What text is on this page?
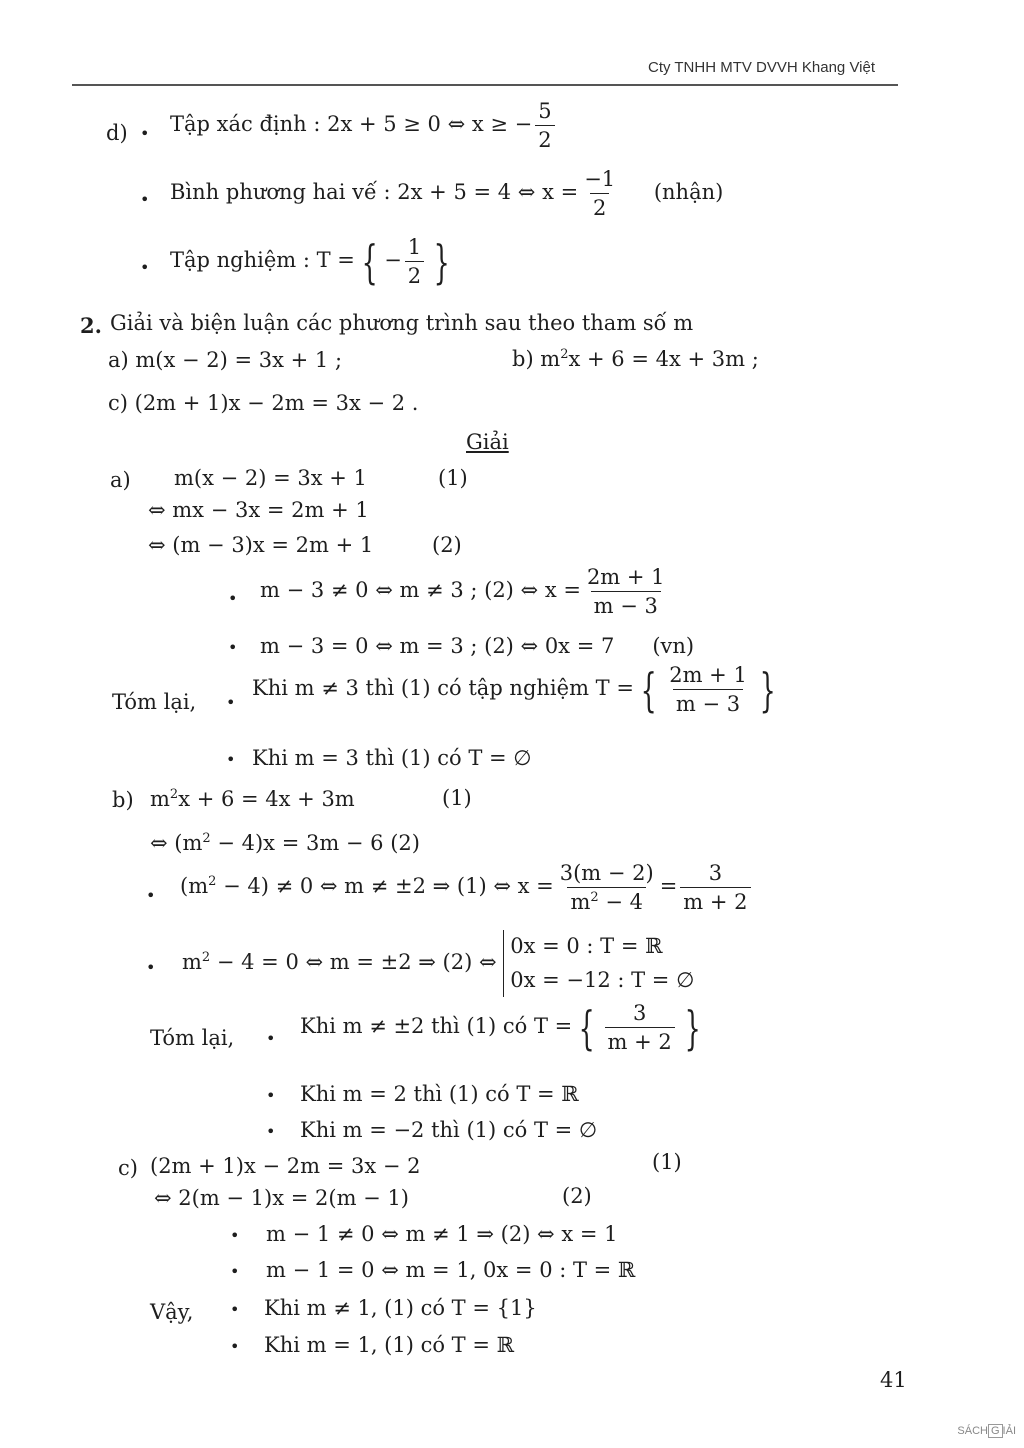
Cty TNHH MTV DVVH Khang Việt
d) • Tập xác định : 2x + 5 ≥ 0 ⇔ x ≥ − $\frac{5}{2}$
• Bình phương hai vế : 2x + 5 = 4 ⇔ $x = \frac{-1}{2}$ (nhận)
• Tập nghiệm : T = { − $\frac{1}{2}$ }
2. Giải và biện luận các phương trình sau theo tham số m
a) m(x − 2) = 3x + 1 ;	b) $m^2x + 6 = 4x + 3m$ ;
c) (2m + 1)x − 2m = 3x − 2 .
Giải
a) m(x − 2) = 3x + 1	(1)
⇔ mx − 3x = 2m + 1
⇔ (m − 3)x = 2m + 1	(2)
• m − 3 ≠ 0 ⇔ m ≠ 3 ; (2) ⇔ $x = \frac{2m + 1}{m - 3}$
• m − 3 = 0 ⇔ m = 3 ; (2) ⇔ 0x = 7 (vn)
Tóm lại, •
Khi m ≠ 3 thì (1) có tập nghiệm T = { $\frac{2m + 1}{m - 3}$ }
• Khi m = 3 thì (1) có T = ∅
b) $m^2x + 6 = 4x + 3m$	(1)
⇔ $(m^2 - 4)x = 3m - 6$ (2)
• $(m^2 - 4) \ne 0$ ⇔ m ≠ ±2 ⇒ (1) ⇔ $x = \frac{3(m - 2)}{m^2 - 4} = \frac{3}{m + 2}$
• $m^2 - 4 = 0$ ⇔ m = ±2 ⇒ (2) ⇔
0x = 0 : T = ℝ
0x = −12 : T = ∅
Tóm lại, •
Khi m ≠ ±2 thì (1) có T = { $\frac{3}{m + 2}$ }
• Khi m = 2 thì (1) có T = ℝ
• Khi m = −2 thì (1) có T = ∅
c) (2m + 1)x − 2m = 3x − 2	(1)
⇔ 2(m − 1)x = 2(m − 1)	(2)
• m − 1 ≠ 0 ⇔ m ≠ 1 ⇒ (2) ⇔ x = 1
• m − 1 = 0 ⇔ m = 1, 0x = 0 : T = ℝ
Vậy, • Khi m ≠ 1, (1) có T = {1}
• Khi m = 1, (1) có T = ℝ
41
SÁCH G IẢI
